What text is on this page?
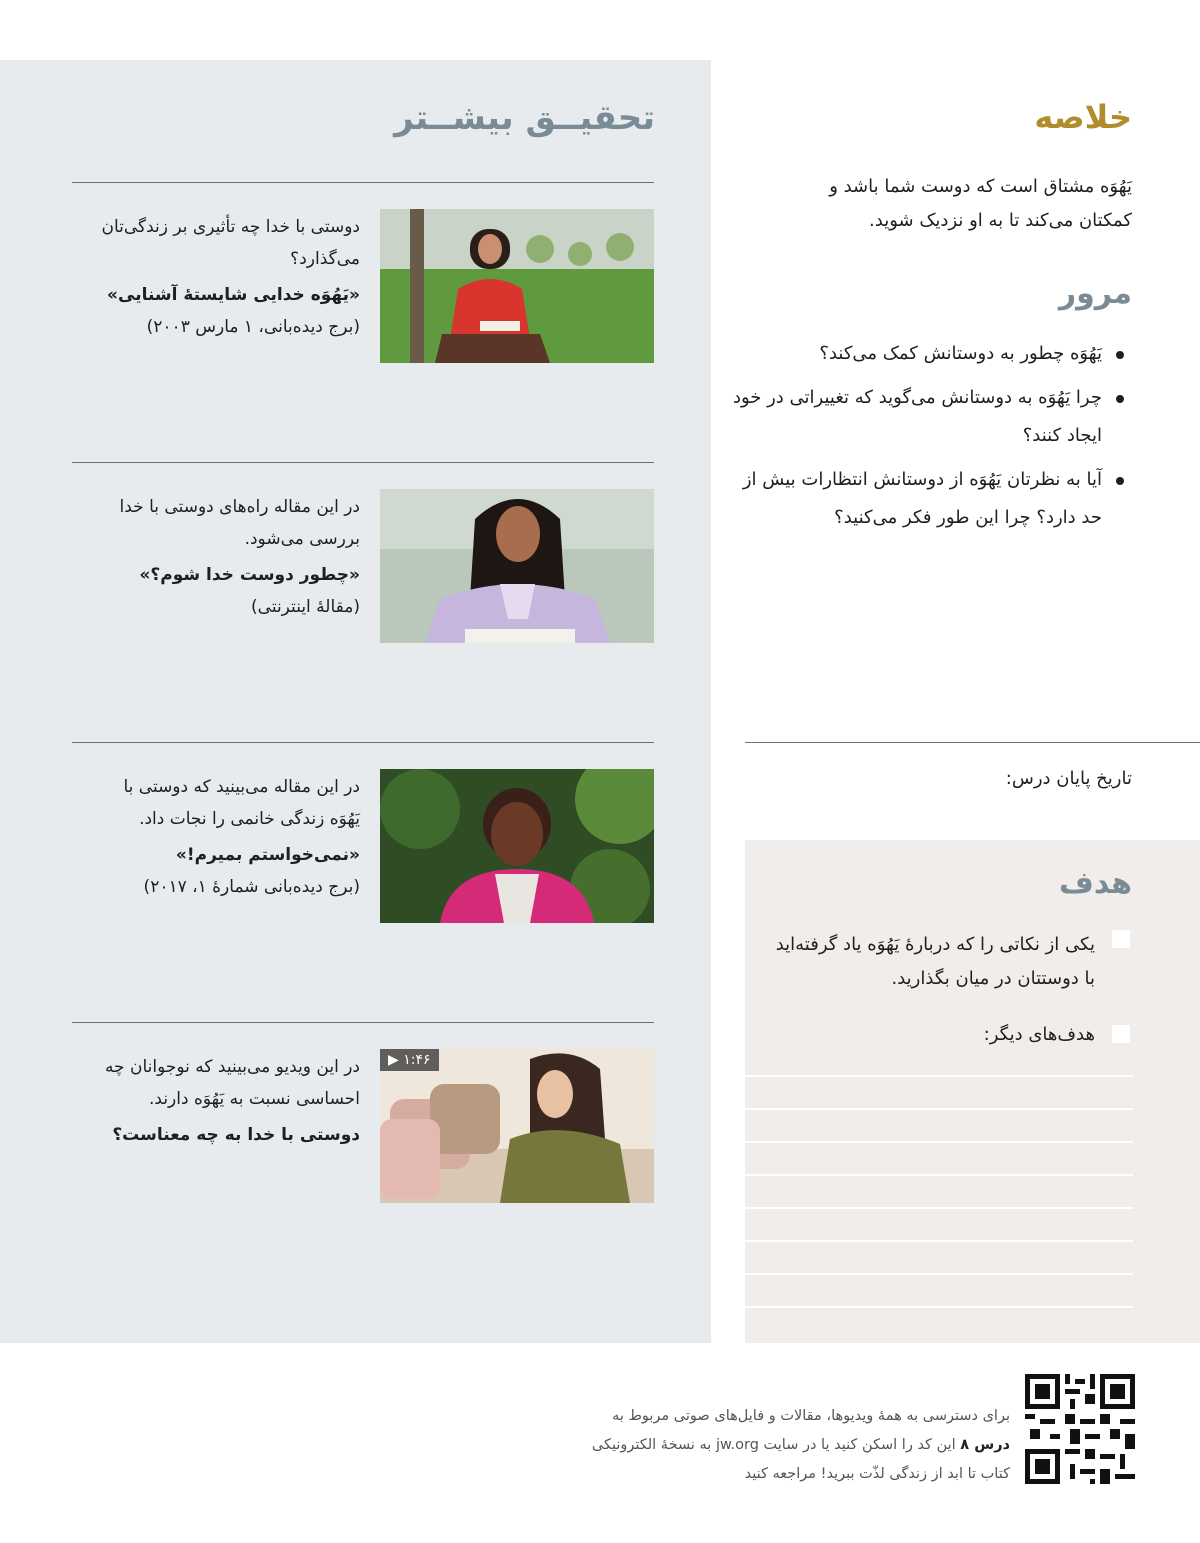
تحقیــق بیشــتر
دوستی با خدا چه تأثیری بر زندگی‌تان می‌گذارد؟
«یَهُوَه خدایی شایستهٔ آشنایی»
(برج دیده‌بانی، ۱ مارس ۲۰۰۳)
در این مقاله راه‌های دوستی با خدا بررسی می‌شود.
«چطور دوست خدا شوم؟»
(مقالهٔ اینترنتی)
در این مقاله می‌بینید که دوستی با یَهُوَه زندگی خانمی را نجات داد.
«نمی‌خواستم بمیرم!»
(برج دیده‌بانی شمارهٔ ۱، ۲۰۱۷)
▶ ۱:۴۶
در این ویدیو می‌بینید که نوجوانان چه احساسی نسبت به یَهُوَه دارند.
دوستی با خدا به چه معناست؟
خلاصه
یَهُوَه مشتاق است که دوست شما باشد و کمکتان می‌کند تا به او نزدیک شوید.
مرور
یَهُوَه چطور به دوستانش کمک می‌کند؟
چرا یَهُوَه به دوستانش می‌گوید که تغییراتی در خود ایجاد کنند؟
آیا به نظرتان یَهُوَه از دوستانش انتظارات بیش از حد دارد؟ چرا این طور فکر می‌کنید؟
تاریخ پایان درس:
هدف
یکی از نکاتی را که دربارهٔ یَهُوَه یاد گرفته‌اید با دوستتان در میان بگذارید.
هدف‌های دیگر:
برای دسترسی به همهٔ ویدیوها، مقالات و فایل‌های صوتی مربوط به
درس ۸ این کد را اسکن کنید یا در سایت jw.org به نسخهٔ الکترونیکی
کتاب تا ابد از زندگی لذّت ببرید! مراجعه کنید
